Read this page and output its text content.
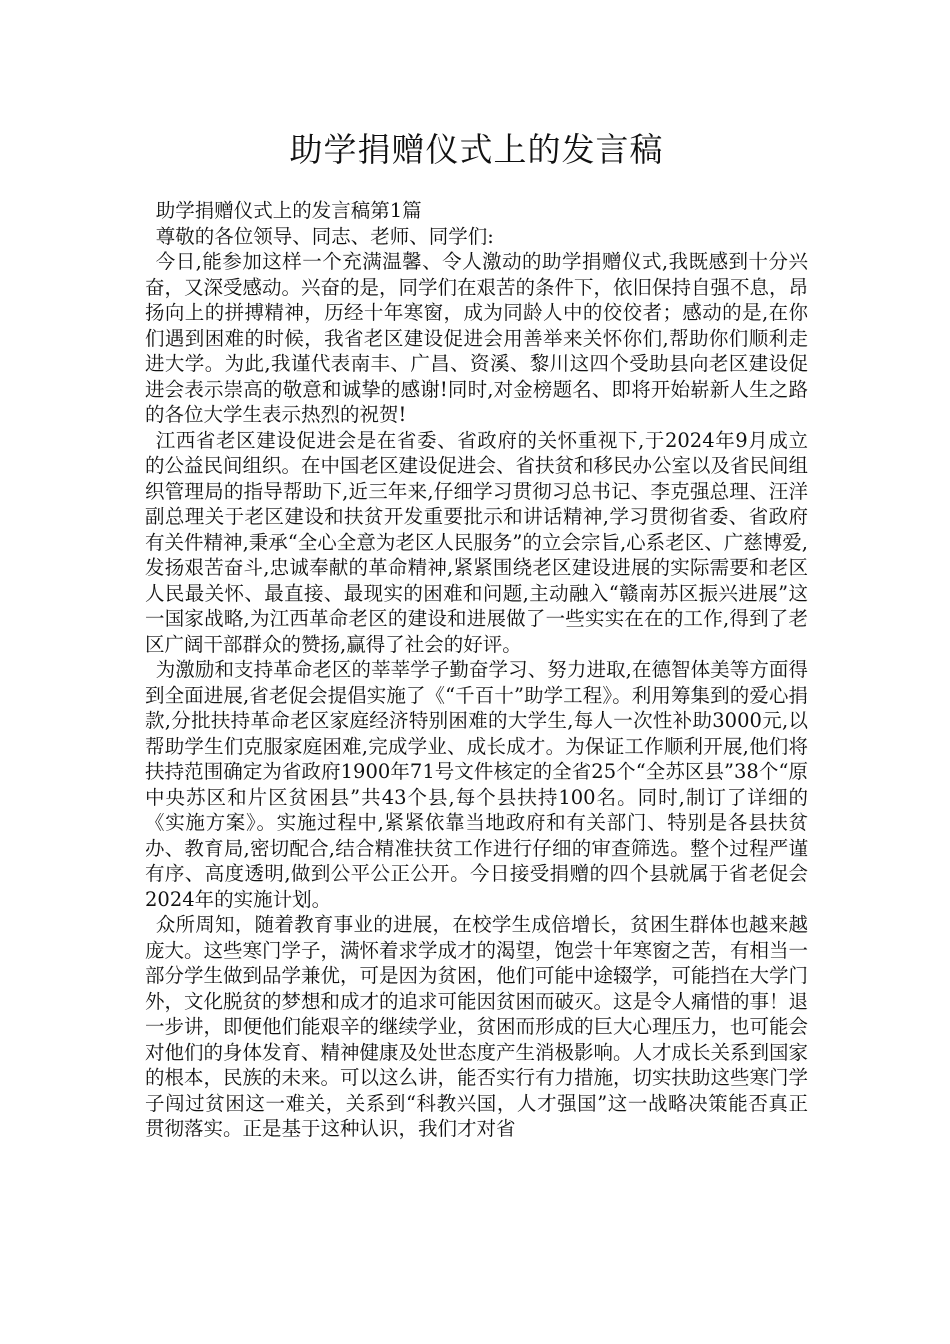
助学捐赠仪式上的发言稿

助学捐赠仪式上的发言稿第1篇

尊敬的各位领导、同志、老师、同学们:

今日,能参加这样一个充满温馨、令人激动的助学捐赠仪式,我既感到十分兴奋，又深受感动。兴奋的是，同学们在艰苦的条件下，依旧保持自强不息，昂扬向上的拼搏精神，历经十年寒窗，成为同龄人中的佼佼者；感动的是,在你们遇到困难的时候，我省老区建设促进会用善举来关怀你们,帮助你们顺利走进大学。为此,我谨代表南丰、广昌、资溪、黎川这四个受助县向老区建设促进会表示崇高的敬意和诚挚的感谢!同时,对金榜题名、即将开始崭新人生之路的各位大学生表示热烈的祝贺!

江西省老区建设促进会是在省委、省政府的关怀重视下,于2024年9月成立的公益民间组织。在中国老区建设促进会、省扶贫和移民办公室以及省民间组织管理局的指导帮助下,近三年来,仔细学习贯彻习总书记、李克强总理、汪洋副总理关于老区建设和扶贫开发重要批示和讲话精神,学习贯彻省委、省政府有关件精神,秉承“全心全意为老区人民服务”的立会宗旨,心系老区、广慈博爱,发扬艰苦奋斗,忠诚奉献的革命精神,紧紧围绕老区建设进展的实际需要和老区人民最关怀、最直接、最现实的困难和问题,主动融入“赣南苏区振兴进展”这一国家战略,为江西革命老区的建设和进展做了一些实实在在的工作,得到了老区广阔干部群众的赞扬,赢得了社会的好评。

为激励和支持革命老区的莘莘学子勤奋学习、努力进取,在德智体美等方面得到全面进展,省老促会提倡实施了《“千百十”助学工程》。利用筹集到的爱心捐款,分批扶持革命老区家庭经济特别困难的大学生,每人一次性补助3000元,以帮助学生们克服家庭困难,完成学业、成长成才。为保证工作顺利开展,他们将扶持范围确定为省政府1900年71号文件核定的全省25个“全苏区县”38个“原中央苏区和片区贫困县”共43个县,每个县扶持100名。同时,制订了详细的《实施方案》。实施过程中,紧紧依靠当地政府和有关部门、特别是各县扶贫办、教育局,密切配合,结合精准扶贫工作进行仔细的审查筛选。整个过程严谨有序、高度透明,做到公平公正公开。今日接受捐赠的四个县就属于省老促会2024年的实施计划。

众所周知，随着教育事业的进展，在校学生成倍增长，贫困生群体也越来越庞大。这些寒门学子，满怀着求学成才的渴望，饱尝十年寒窗之苦，有相当一部分学生做到品学兼优，可是因为贫困，他们可能中途辍学，可能挡在大学门外，文化脱贫的梦想和成才的追求可能因贫困而破灭。这是令人痛惜的事！退一步讲，即便他们能艰辛的继续学业，贫困而形成的巨大心理压力，也可能会对他们的身体发育、精神健康及处世态度产生消极影响。人才成长关系到国家的根本，民族的未来。可以这么讲，能否实行有力措施，切实扶助这些寒门学子闯过贫困这一难关，关系到“科教兴国，人才强国”这一战略决策能否真正贯彻落实。正是基于这种认识，我们才对省
